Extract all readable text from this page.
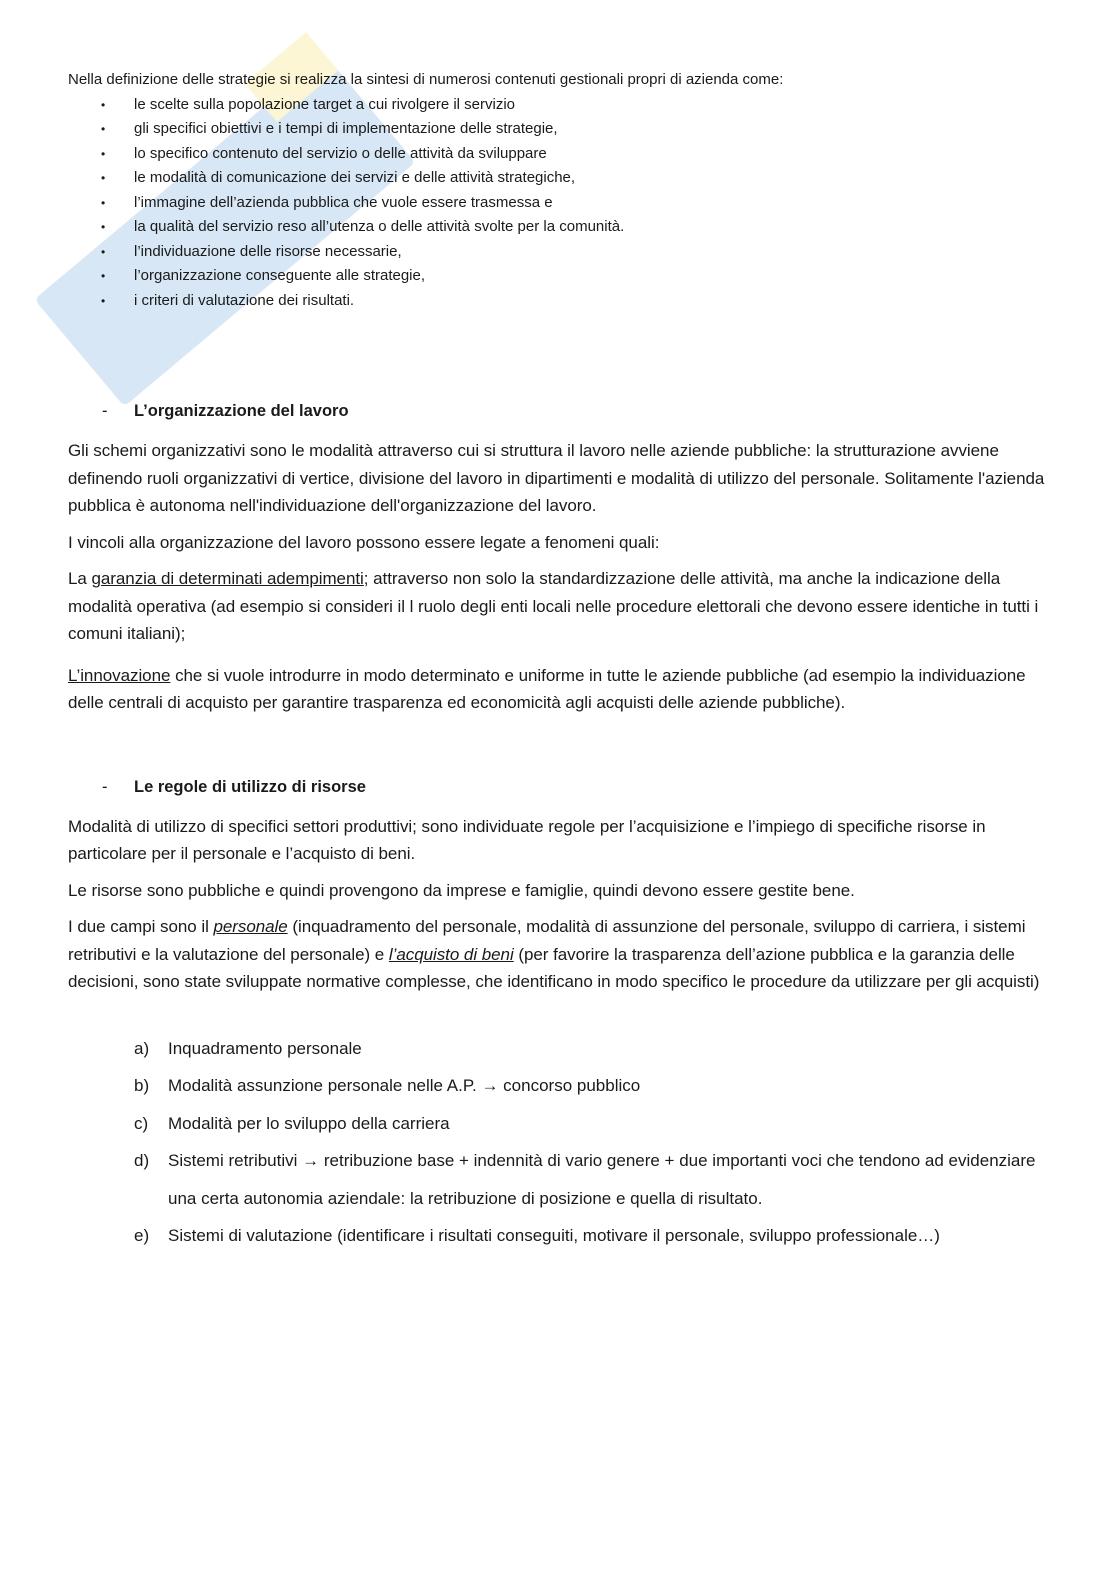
Nella definizione delle strategie si realizza la sintesi di numerosi contenuti gestionali propri di azienda come:

• le scelte sulla popolazione target a cui rivolgere il servizio
• gli specifici obiettivi e i tempi di implementazione delle strategie,
• lo specifico contenuto del servizio o delle attività da sviluppare
• le modalità di comunicazione dei servizi e delle attività strategiche,
• l’immagine dell’azienda pubblica che vuole essere trasmessa e
• la qualità del servizio reso all’utenza o delle attività svolte per la comunità.
• l’individuazione delle risorse necessarie,
• l’organizzazione conseguente alle strategie,
• i criteri di valutazione dei risultati.
- L’organizzazione del lavoro

Gli schemi organizzativi sono le modalità attraverso cui si struttura il lavoro nelle aziende pubbliche: la strutturazione avviene definendo ruoli organizzativi di vertice, divisione del lavoro in dipartimenti e modalità di utilizzo del personale. Solitamente l'azienda pubblica è autonoma nell'individuazione dell'organizzazione del lavoro.

I vincoli alla organizzazione del lavoro possono essere legate a fenomeni quali:

La garanzia di determinati adempimenti; attraverso non solo la standardizzazione delle attività, ma anche la indicazione della modalità operativa (ad esempio si consideri il l ruolo degli enti locali nelle procedure elettorali che devono essere identiche in tutti i comuni italiani);

L’innovazione che si vuole introdurre in modo determinato e uniforme in tutte le aziende pubbliche (ad esempio la individuazione delle centrali di acquisto per garantire trasparenza ed economicità agli acquisti delle aziende pubbliche).

- Le regole di utilizzo di risorse

Modalità di utilizzo di specifici settori produttivi; sono individuate regole per l’acquisizione e l’impiego di specifiche risorse in particolare per il personale e l’acquisto di beni.

Le risorse sono pubbliche e quindi provengono da imprese e famiglie, quindi devono essere gestite bene.

I due campi sono il personale (inquadramento del personale, modalità di assunzione del personale, sviluppo di carriera, i sistemi retributivi e la valutazione del personale) e l’acquisto di beni (per favorire la trasparenza dell’azione pubblica e la garanzia delle decisioni, sono state sviluppate normative complesse, che identificano in modo specifico le procedure da utilizzare per gli acquisti)

a) Inquadramento personale
b) Modalità assunzione personale nelle A.P. → concorso pubblico
c) Modalità per lo sviluppo della carriera
d) Sistemi retributivi → retribuzione base + indennità di vario genere + due importanti voci che tendono ad evidenziare una certa autonomia aziendale: la retribuzione di posizione e quella di risultato.
e) Sistemi di valutazione (identificare i risultati conseguiti, motivare il personale, sviluppo professionale…)
